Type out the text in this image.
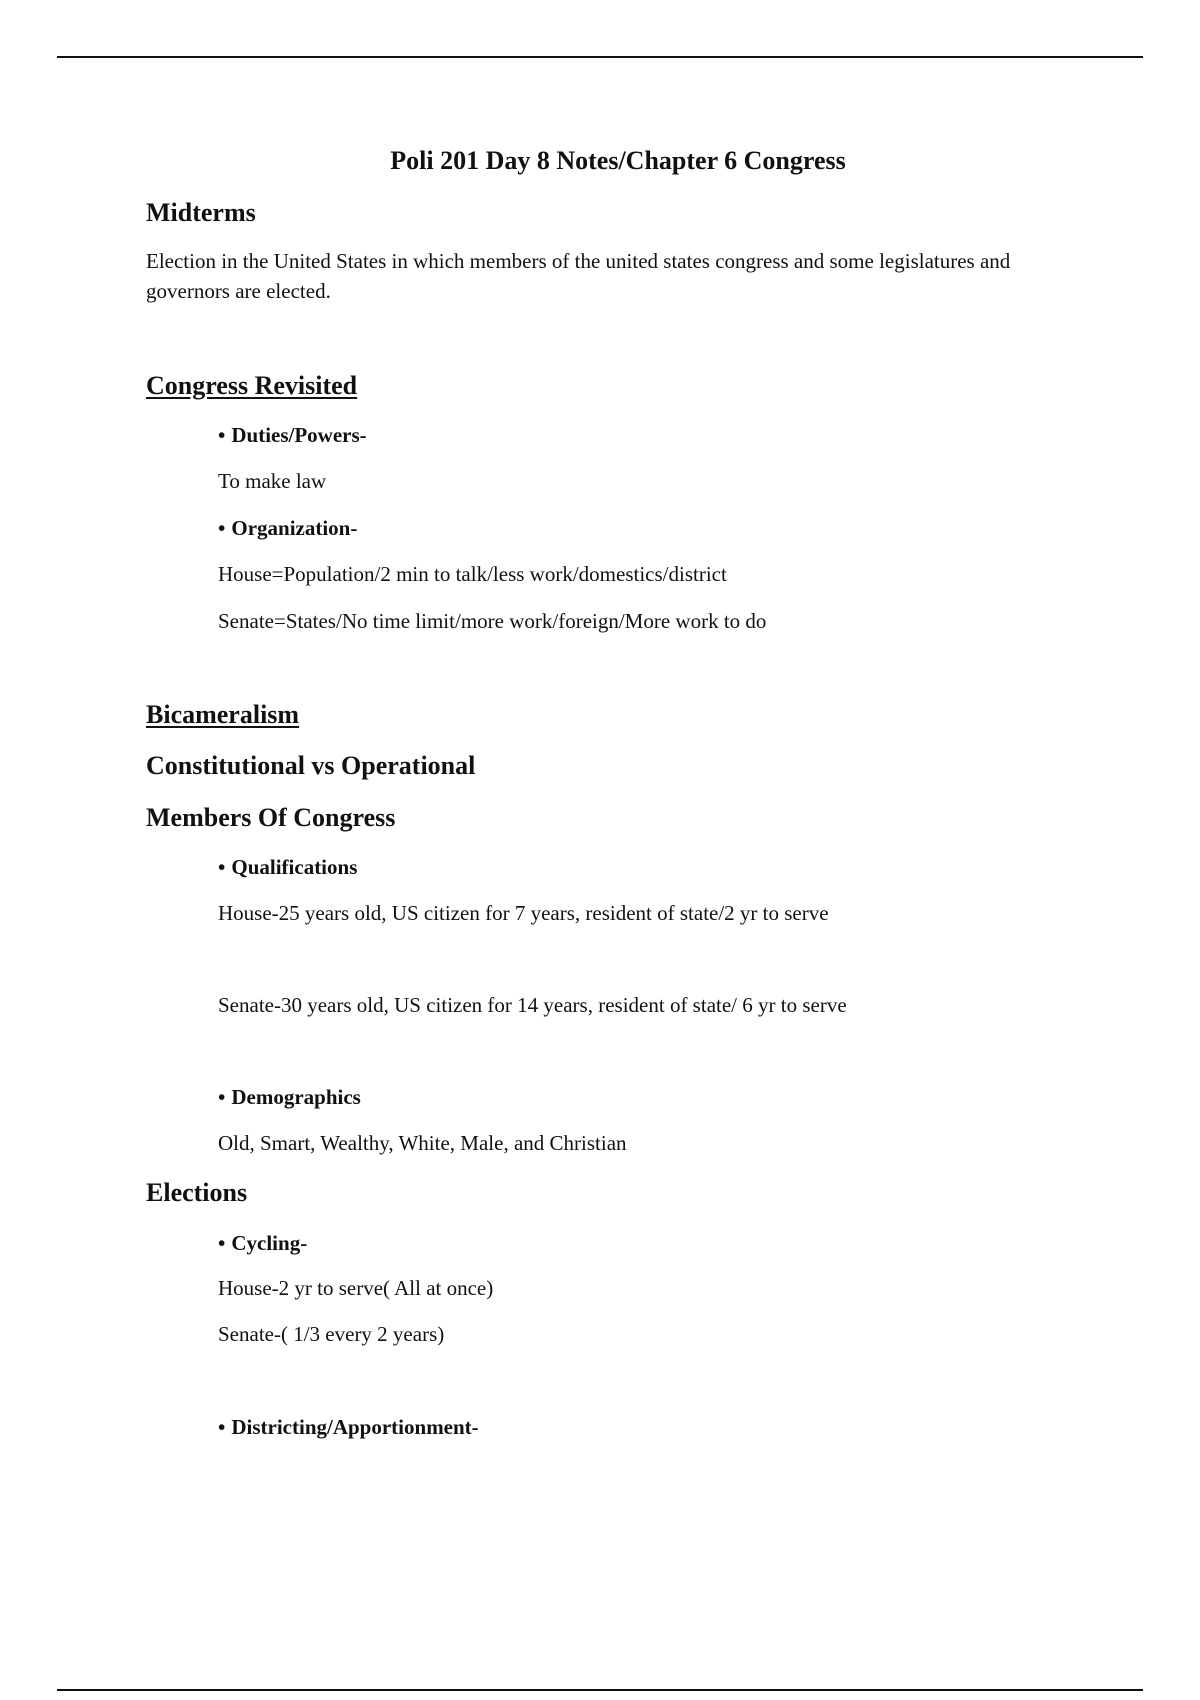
Poli 201 Day 8 Notes/Chapter 6 Congress
Midterms
Election in the United States in which members of the united states congress and some legislatures and governors are elected.
Congress Revisited
• Duties/Powers-
To make law
• Organization-
House=Population/2 min to talk/less work/domestics/district
Senate=States/No time limit/more work/foreign/More work to do
Bicameralism
Constitutional vs Operational
Members Of Congress
• Qualifications
House-25 years old, US citizen for 7 years, resident of state/2 yr to serve
Senate-30 years old, US citizen for 14 years, resident of state/ 6 yr to serve
• Demographics
Old, Smart, Wealthy, White, Male, and Christian
Elections
• Cycling-
House-2 yr to serve( All at once)
Senate-( 1/3 every 2 years)
• Districting/Apportionment-
